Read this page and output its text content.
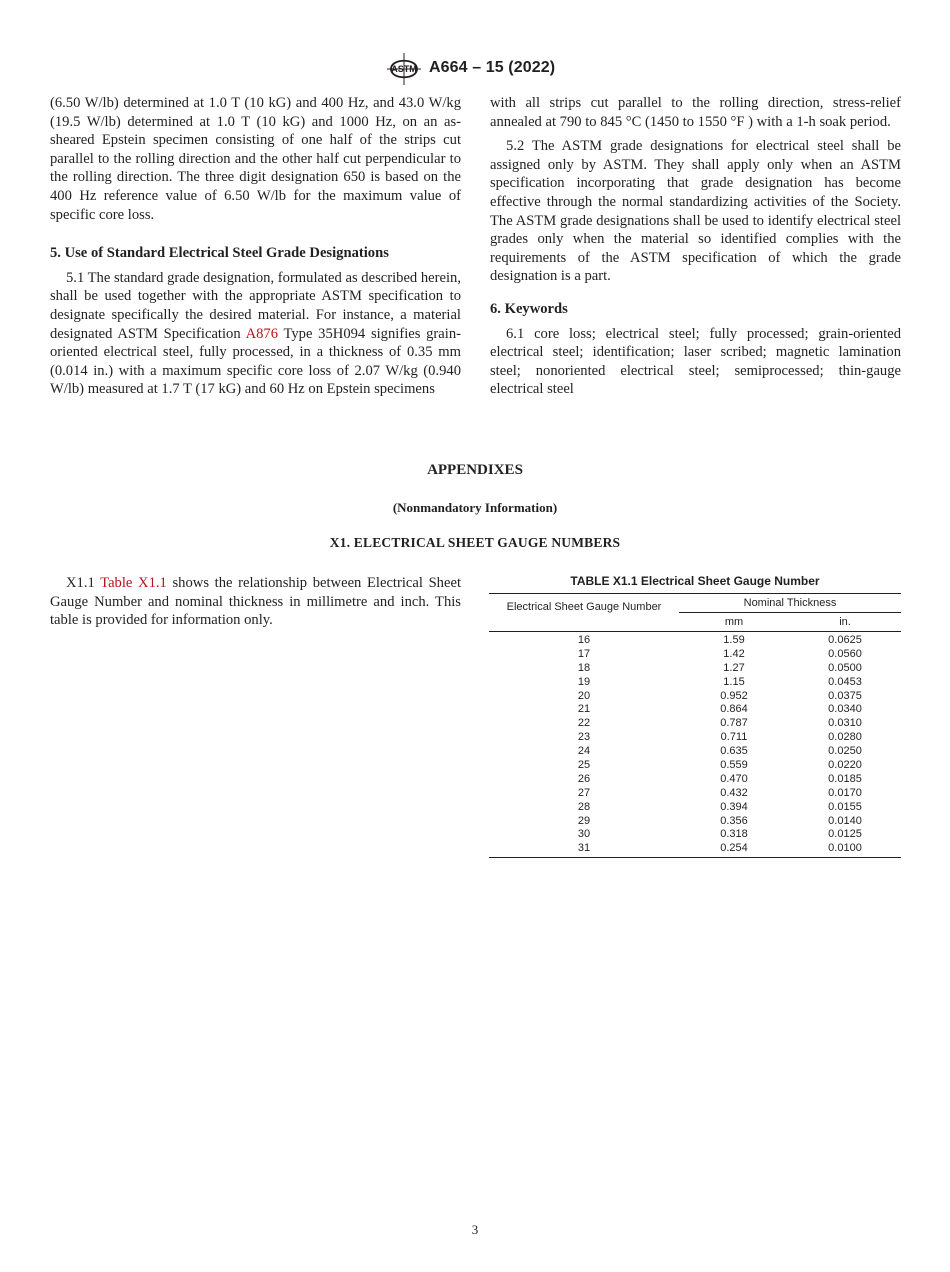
ASTM A664 – 15 (2022)

(6.50 W/lb) determined at 1.0 T (10 kG) and 400 Hz, and 43.0 W/kg (19.5 W/lb) determined at 1.0 T (10 kG) and 1000 Hz, on an as-sheared Epstein specimen consisting of one half of the strips cut parallel to the rolling direction and the other half cut perpendicular to the rolling direction. The three digit designation 650 is based on the 400 Hz reference value of 6.50 W/lb for the maximum value of specific core loss.

5. Use of Standard Electrical Steel Grade Designations

5.1 The standard grade designation, formulated as described herein, shall be used together with the appropriate ASTM specification to designate specifically the desired material. For instance, a material designated ASTM Specification A876 Type 35H094 signifies grain-oriented electrical steel, fully processed, in a thickness of 0.35 mm (0.014 in.) with a maximum specific core loss of 2.07 W/kg (0.940 W/lb) measured at 1.7 T (17 kG) and 60 Hz on Epstein specimens

with all strips cut parallel to the rolling direction, stress-relief annealed at 790 to 845 °C (1450 to 1550 °F ) with a 1-h soak period.

5.2 The ASTM grade designations for electrical steel shall be assigned only by ASTM. They shall apply only when an ASTM specification incorporating that grade designation has become effective through the normal standardizing activities of the Society. The ASTM grade designations shall be used to identify electrical steel grades only when the material so identified complies with the requirements of the ASTM specification of which the grade designation is a part.

6. Keywords

6.1 core loss; electrical steel; fully processed; grain-oriented electrical steel; identification; laser scribed; magnetic lamination steel; nonoriented electrical steel; semiprocessed; thin-gauge electrical steel

APPENDIXES
(Nonmandatory Information)
X1. ELECTRICAL SHEET GAUGE NUMBERS

X1.1 Table X1.1 shows the relationship between Electrical Sheet Gauge Number and nominal thickness in millimetre and inch. This table is provided for information only.

TABLE X1.1 Electrical Sheet Gauge Number
Electrical Sheet Gauge Number	Nominal Thickness
mm	in.
16	1.59	0.0625
17	1.42	0.0560
18	1.27	0.0500
19	1.15	0.0453
20	0.952	0.0375
21	0.864	0.0340
22	0.787	0.0310
23	0.711	0.0280
24	0.635	0.0250
25	0.559	0.0220
26	0.470	0.0185
27	0.432	0.0170
28	0.394	0.0155
29	0.356	0.0140
30	0.318	0.0125
31	0.254	0.0100
3
